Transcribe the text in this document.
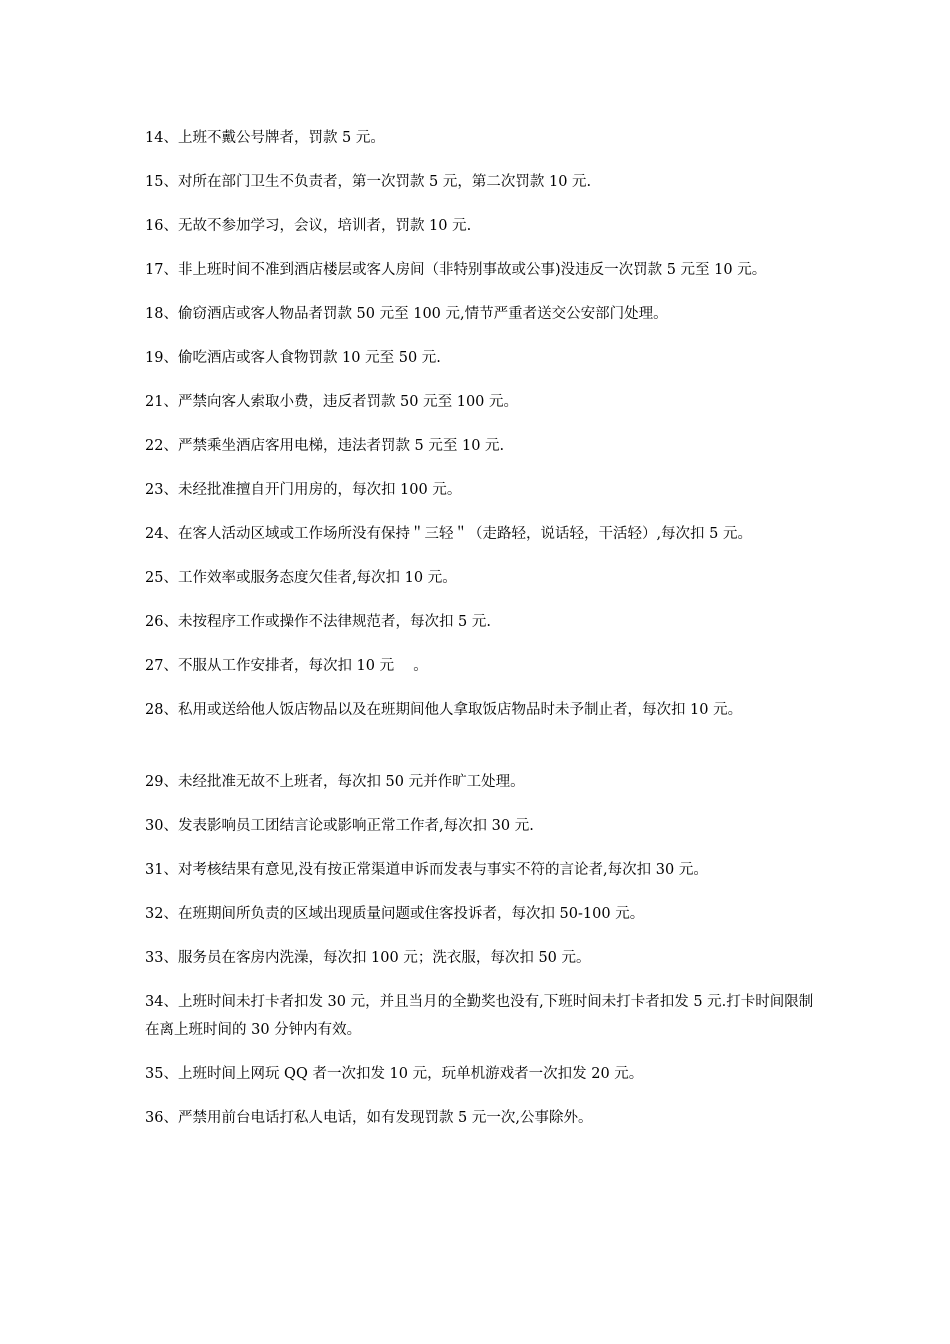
14、上班不戴公号牌者，罚款 5 元。

15、对所在部门卫生不负责者，第一次罚款 5 元，第二次罚款 10 元.

16、无故不参加学习，会议，培训者，罚款 10 元.

17、非上班时间不准到酒店楼层或客人房间（非特别事故或公事)没违反一次罚款 5 元至 10 元。

18、偷窃酒店或客人物品者罚款 50 元至 100 元,情节严重者送交公安部门处理。

19、偷吃酒店或客人食物罚款 10 元至 50 元.

21、严禁向客人索取小费，违反者罚款 50 元至 100 元。

22、严禁乘坐酒店客用电梯，违法者罚款 5 元至 10 元.

23、未经批准擅自开门用房的，每次扣 100 元。

24、在客人活动区域或工作场所没有保持＂三轻＂（走路轻，说话轻，干活轻）,每次扣 5 元。

25、工作效率或服务态度欠佳者,每次扣 10 元。

26、未按程序工作或操作不法律规范者，每次扣 5 元.

27、不服从工作安排者，每次扣 10 元　 。

28、私用或送给他人饭店物品以及在班期间他人拿取饭店物品时未予制止者，每次扣 10 元。

29、未经批准无故不上班者，每次扣 50 元并作旷工处理。

30、发表影响员工团结言论或影响正常工作者,每次扣 30 元.

31、对考核结果有意见,没有按正常渠道申诉而发表与事实不符的言论者,每次扣 30 元。

32、在班期间所负责的区域出现质量问题或住客投诉者，每次扣 50-100 元。

33、服务员在客房内洗澡，每次扣 100 元；洗衣服，每次扣 50 元。

34、上班时间未打卡者扣发 30 元，并且当月的全勤奖也没有,下班时间未打卡者扣发 5 元.打卡时间限制在离上班时间的 30 分钟内有效。

35、上班时间上网玩 QQ 者一次扣发 10 元，玩单机游戏者一次扣发 20 元。

36、严禁用前台电话打私人电话，如有发现罚款 5 元一次,公事除外。
